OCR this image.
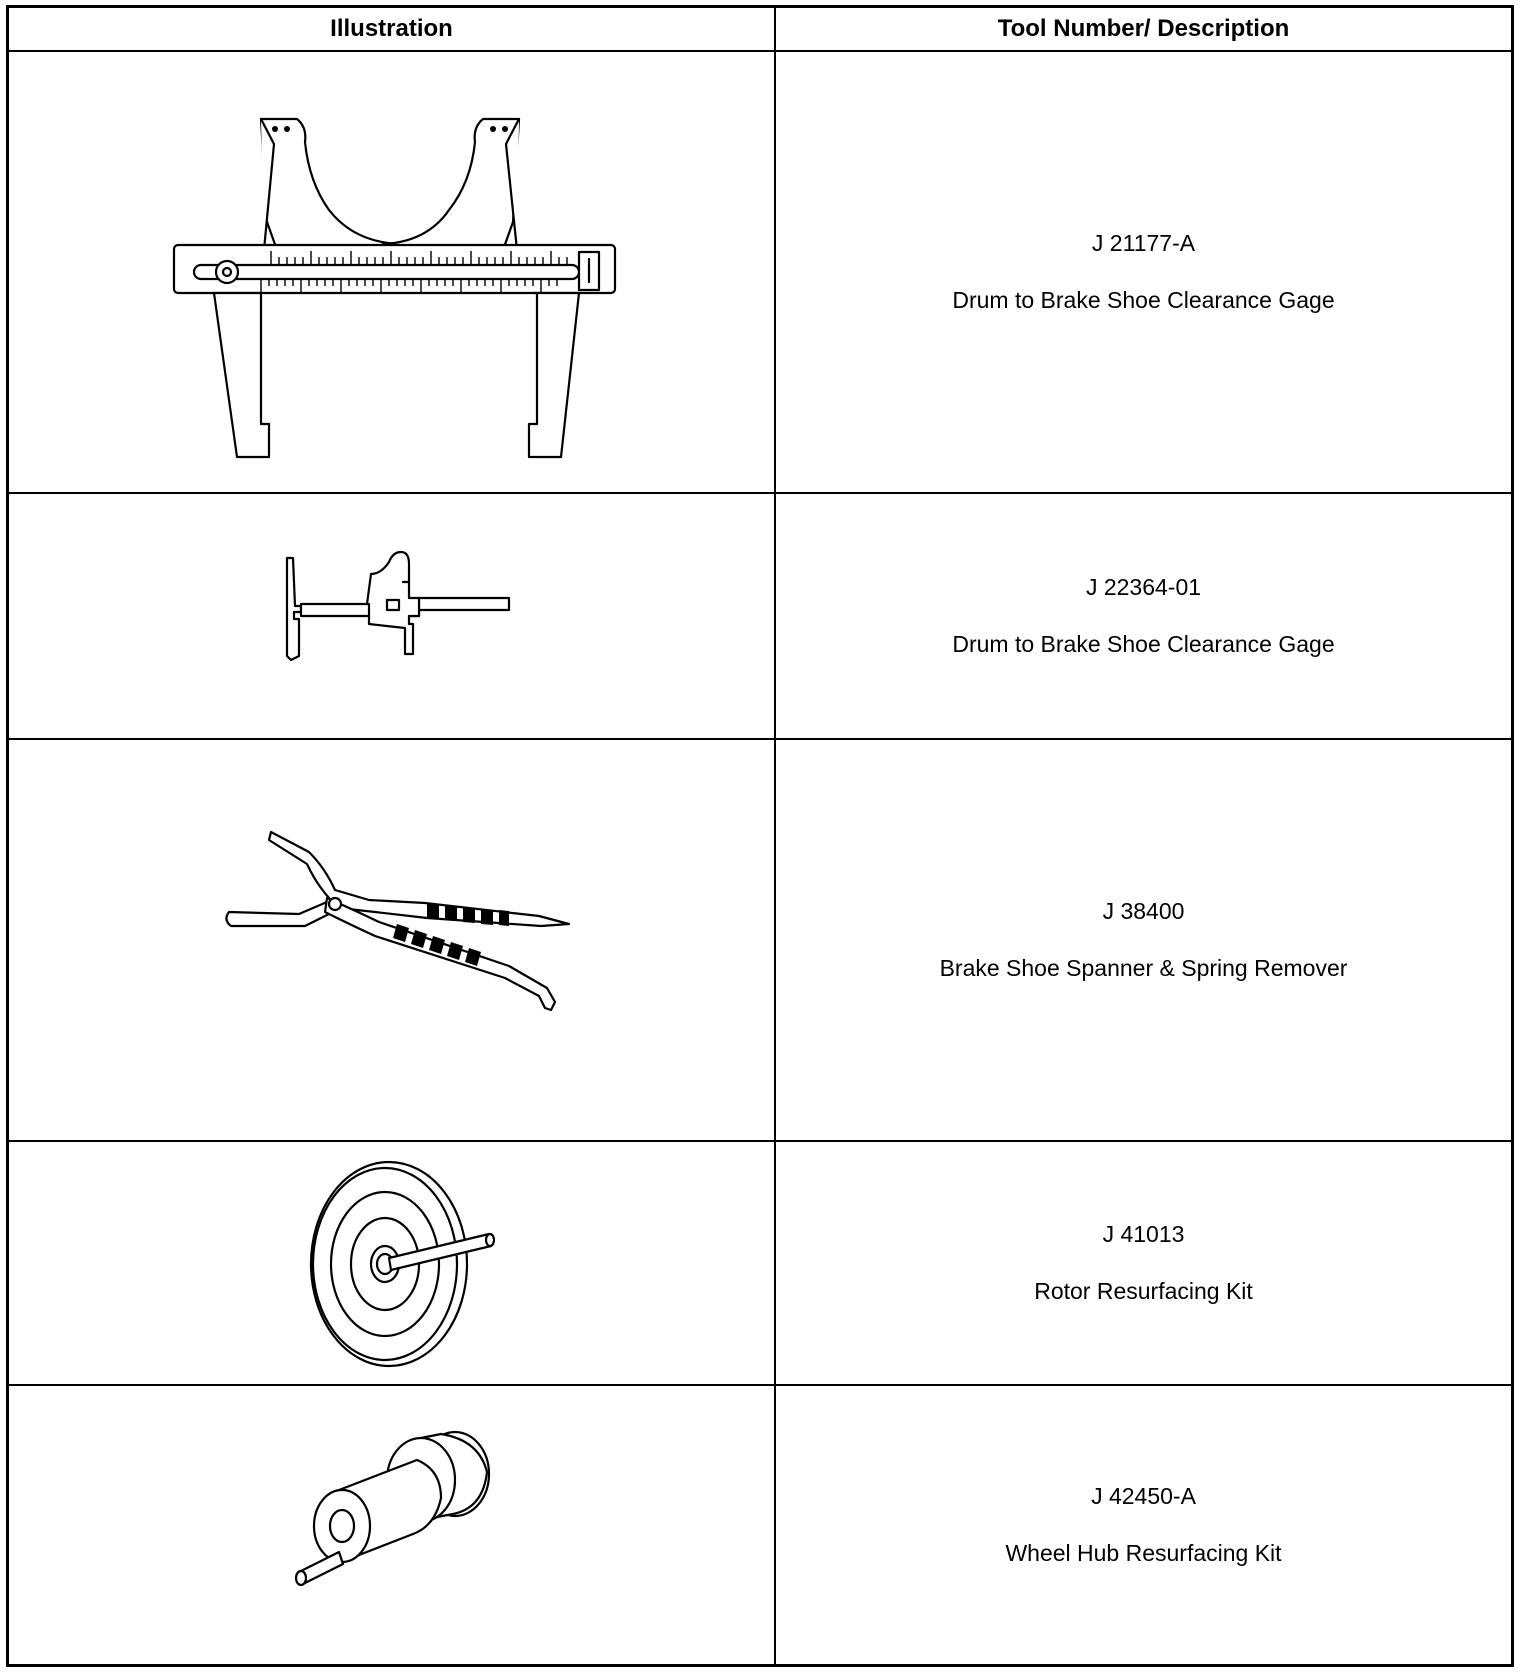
Illustration	Tool Number/ Description
J 21177-A
Drum to Brake Shoe Clearance Gage
J 22364-01
Drum to Brake Shoe Clearance Gage
J 38400
Brake Shoe Spanner & Spring Remover
J 41013
Rotor Resurfacing Kit
J 42450-A
Wheel Hub Resurfacing Kit
